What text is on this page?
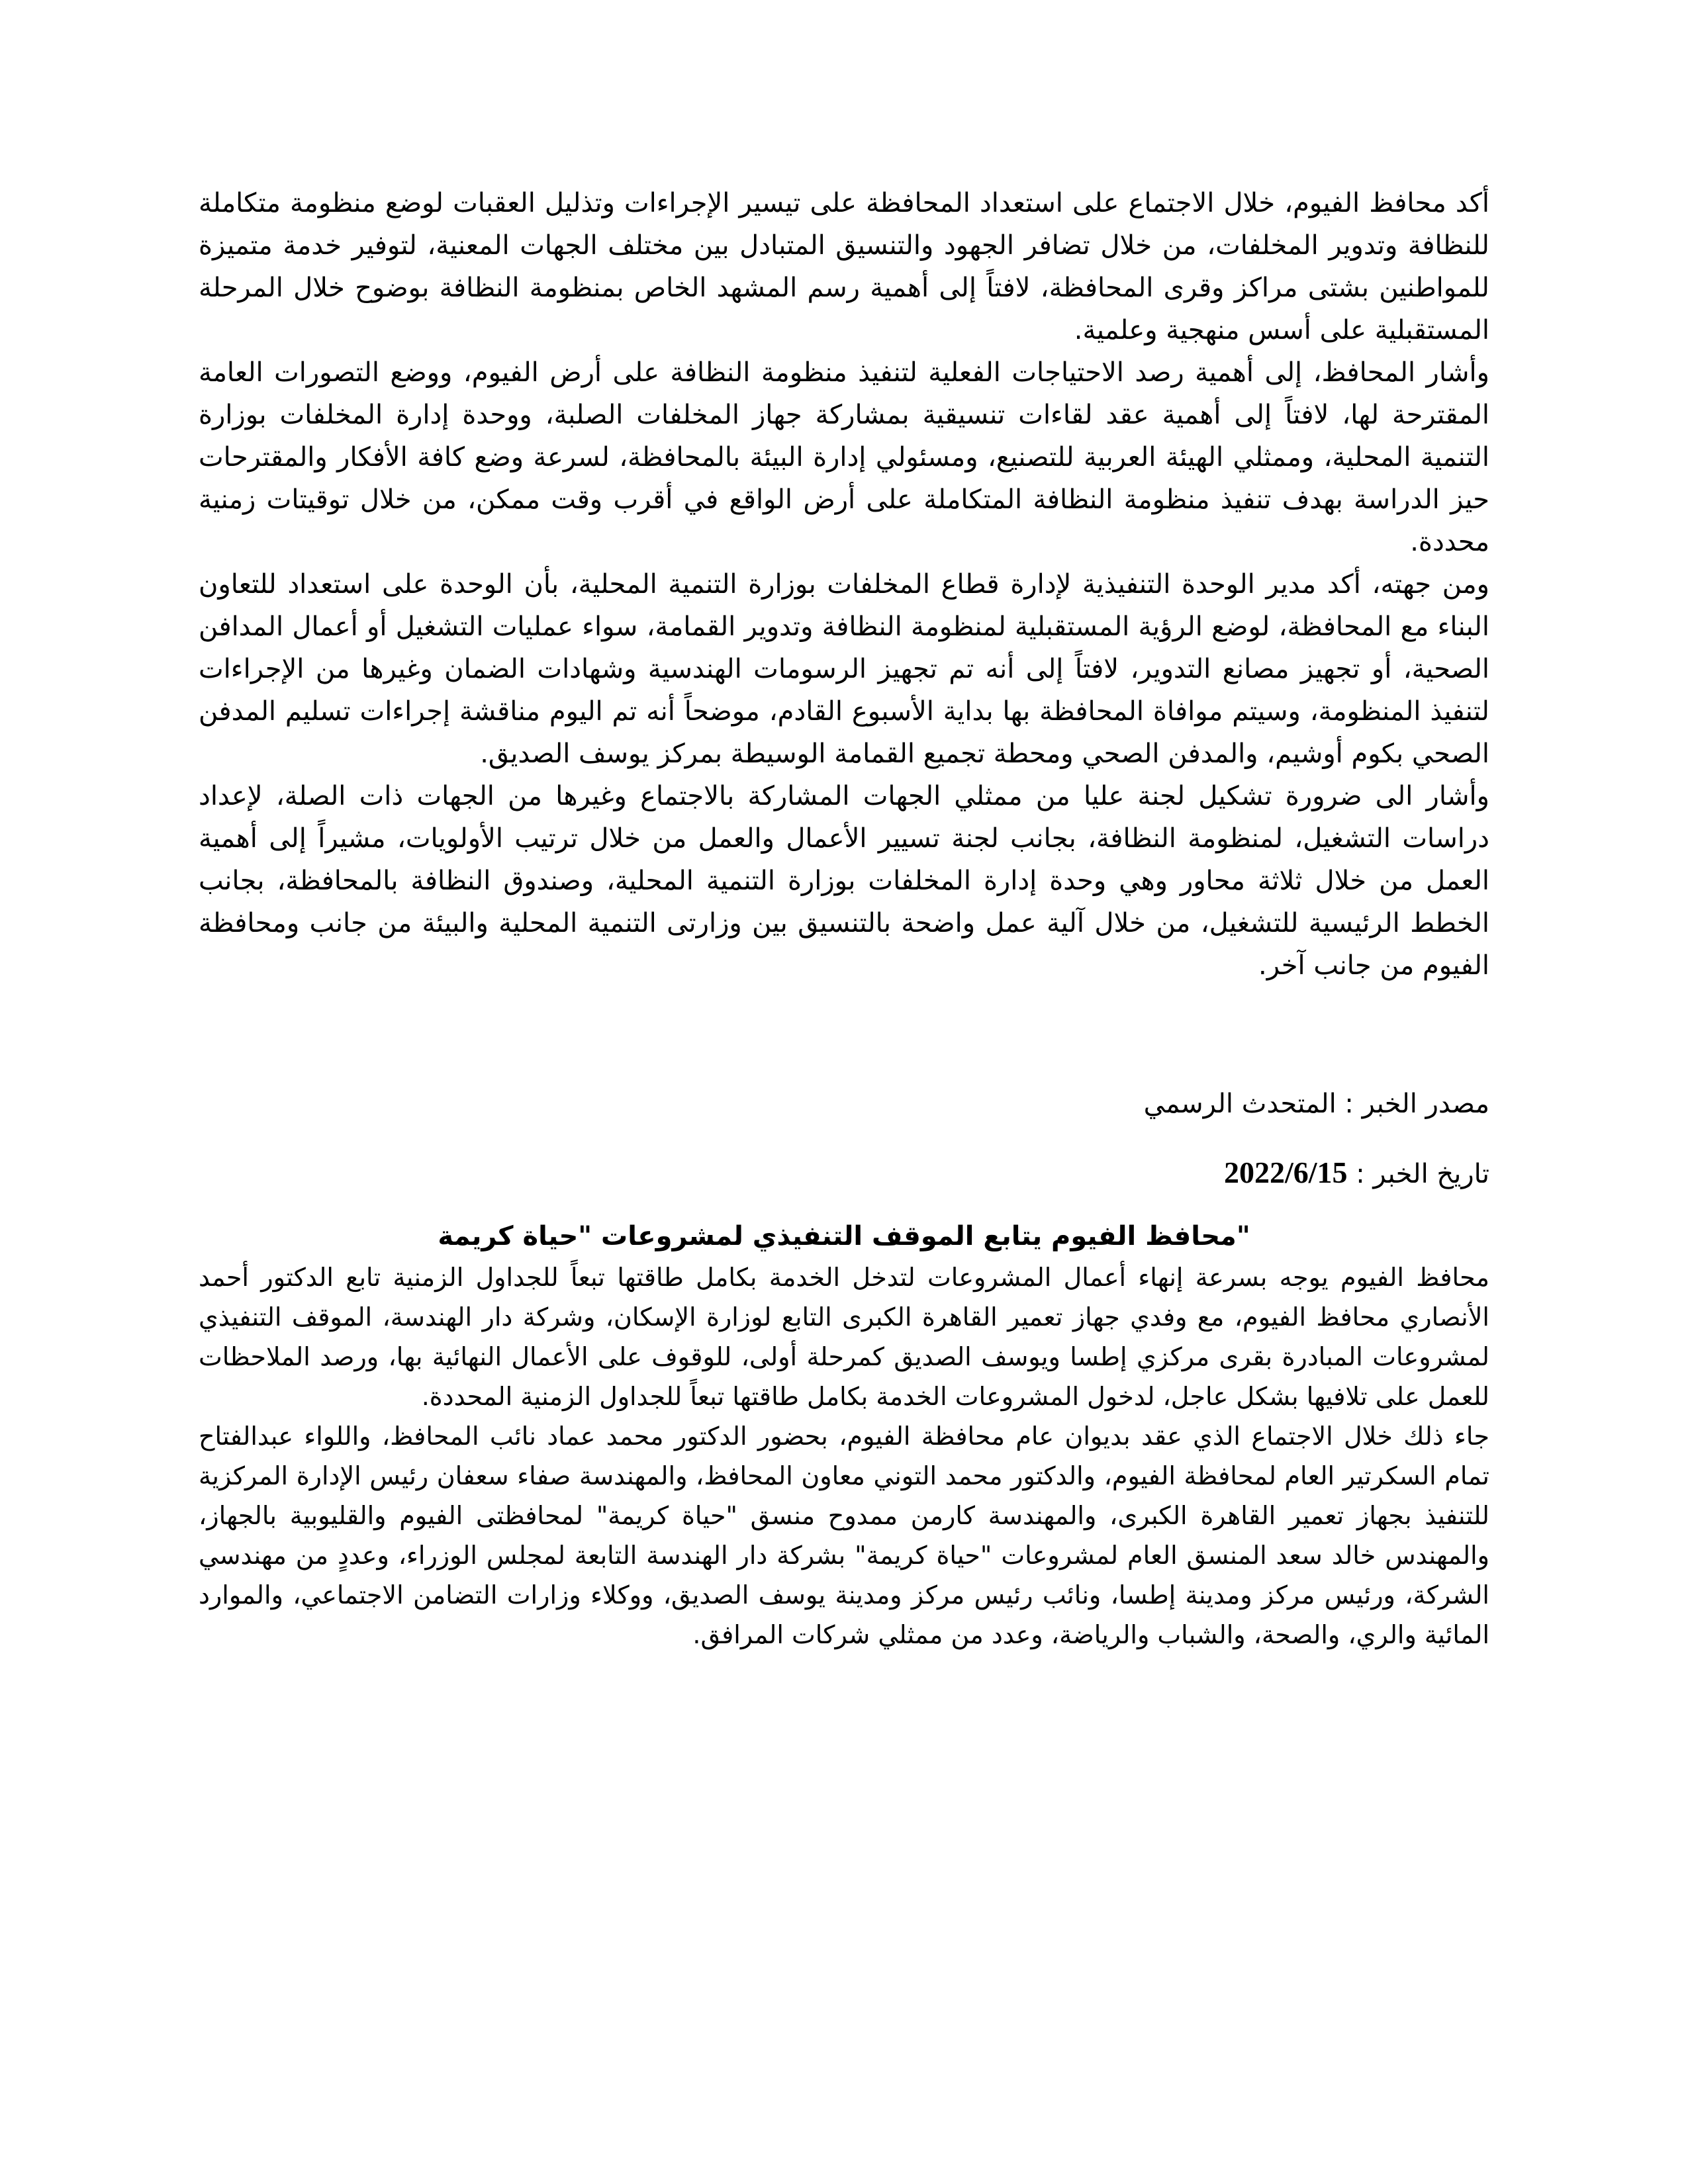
أكد محافظ الفيوم، خلال الاجتماع على استعداد المحافظة على تيسير الإجراءات وتذليل العقبات لوضع منظومة متكاملة للنظافة وتدوير المخلفات، من خلال تضافر الجهود والتنسيق المتبادل بين مختلف الجهات المعنية، لتوفير خدمة متميزة للمواطنين بشتى مراكز وقرى المحافظة، لافتاً إلى أهمية رسم المشهد الخاص بمنظومة النظافة بوضوح خلال المرحلة المستقبلية على أسس منهجية وعلمية.

وأشار المحافظ، إلى أهمية رصد الاحتياجات الفعلية لتنفيذ منظومة النظافة على أرض الفيوم، ووضع التصورات العامة المقترحة لها، لافتاً إلى أهمية عقد لقاءات تنسيقية بمشاركة جهاز المخلفات الصلبة، ووحدة إدارة المخلفات بوزارة التنمية المحلية، وممثلي الهيئة العربية للتصنيع، ومسئولي إدارة البيئة بالمحافظة، لسرعة وضع كافة الأفكار والمقترحات حيز الدراسة بهدف تنفيذ منظومة النظافة المتكاملة على أرض الواقع في أقرب وقت ممكن، من خلال توقيتات زمنية محددة.

ومن جهته، أكد مدير الوحدة التنفيذية لإدارة قطاع المخلفات بوزارة التنمية المحلية، بأن الوحدة على استعداد للتعاون البناء مع المحافظة، لوضع الرؤية المستقبلية لمنظومة النظافة وتدوير القمامة، سواء عمليات التشغيل أو أعمال المدافن الصحية، أو تجهيز مصانع التدوير، لافتاً إلى أنه تم تجهيز الرسومات الهندسية وشهادات الضمان وغيرها من الإجراءات لتنفيذ المنظومة، وسيتم موافاة المحافظة بها بداية الأسبوع القادم، موضحاً أنه تم اليوم مناقشة إجراءات تسليم المدفن الصحي بكوم أوشيم، والمدفن الصحي ومحطة تجميع القمامة الوسيطة بمركز يوسف الصديق.

وأشار الى ضرورة تشكيل لجنة عليا من ممثلي الجهات المشاركة بالاجتماع وغيرها من الجهات ذات الصلة، لإعداد دراسات التشغيل، لمنظومة النظافة، بجانب لجنة تسيير الأعمال والعمل من خلال ترتيب الأولويات، مشيراً إلى أهمية العمل من خلال ثلاثة محاور وهي وحدة إدارة المخلفات بوزارة التنمية المحلية، وصندوق النظافة بالمحافظة، بجانب الخطط الرئيسية للتشغيل، من خلال آلية عمل واضحة بالتنسيق بين وزارتى التنمية المحلية والبيئة من جانب ومحافظة الفيوم من جانب آخر.

مصدر الخبر : المتحدث الرسمي

تاريخ الخبر : 2022/6/15

"محافظ الفيوم يتابع الموقف التنفيذي لمشروعات "حياة كريمة

محافظ الفيوم يوجه بسرعة إنهاء أعمال المشروعات لتدخل الخدمة بكامل طاقتها تبعاً للجداول الزمنية تابع الدكتور أحمد الأنصاري محافظ الفيوم، مع وفدي جهاز تعمير القاهرة الكبرى التابع لوزارة الإسكان، وشركة دار الهندسة، الموقف التنفيذي لمشروعات المبادرة بقرى مركزي إطسا ويوسف الصديق كمرحلة أولى، للوقوف على الأعمال النهائية بها، ورصد الملاحظات للعمل على تلافيها بشكل عاجل، لدخول المشروعات الخدمة بكامل طاقتها تبعاً للجداول الزمنية المحددة.

جاء ذلك خلال الاجتماع الذي عقد بديوان عام محافظة الفيوم، بحضور الدكتور محمد عماد نائب المحافظ، واللواء عبدالفتاح تمام السكرتير العام لمحافظة الفيوم، والدكتور محمد التوني معاون المحافظ، والمهندسة صفاء سعفان رئيس الإدارة المركزية للتنفيذ بجهاز تعمير القاهرة الكبرى، والمهندسة كارمن ممدوح منسق "حياة كريمة" لمحافظتى الفيوم والقليوبية بالجهاز، والمهندس خالد سعد المنسق العام لمشروعات "حياة كريمة" بشركة دار الهندسة التابعة لمجلس الوزراء، وعددٍ من مهندسي الشركة، ورئيس مركز ومدينة إطسا، ونائب رئيس مركز ومدينة يوسف الصديق، ووكلاء وزارات التضامن الاجتماعي، والموارد المائية والري، والصحة، والشباب والرياضة، وعدد من ممثلي شركات المرافق.
